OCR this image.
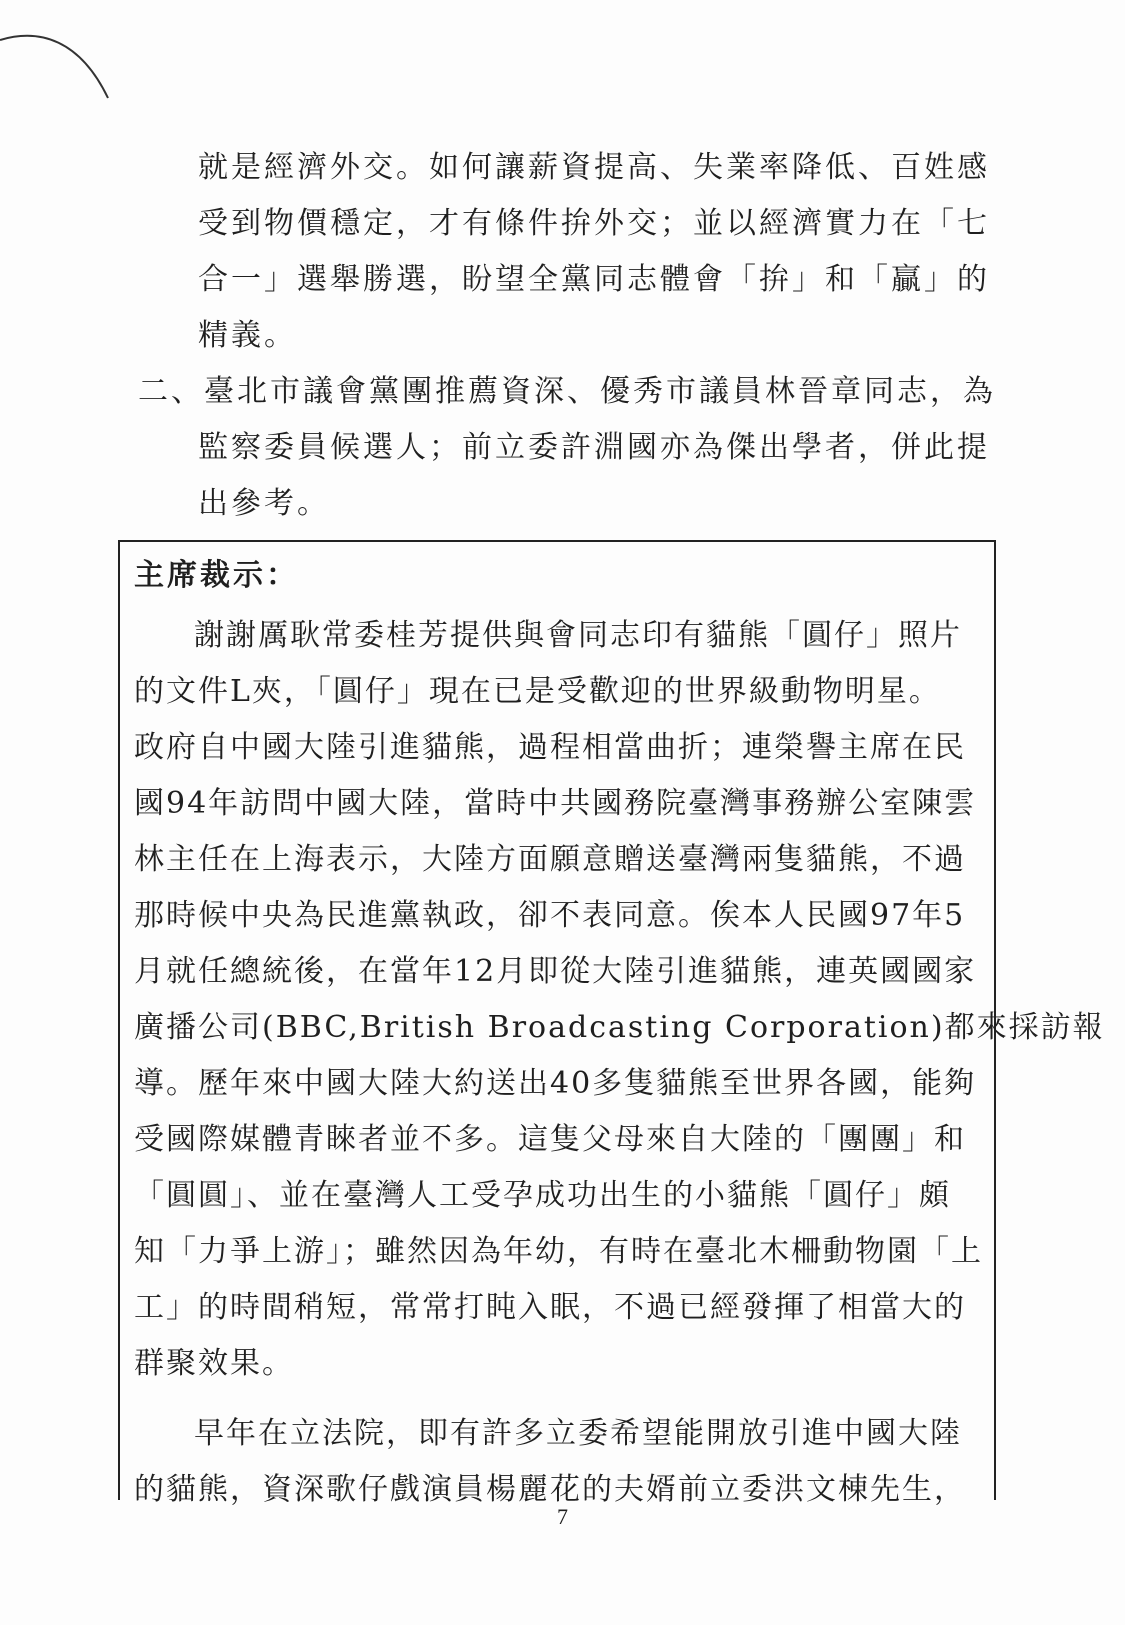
就是經濟外交。如何讓薪資提高、失業率降低、百姓感
受到物價穩定，才有條件拚外交；並以經濟實力在「七
合一」選舉勝選，盼望全黨同志體會「拚」和「贏」的
精義。
二、臺北市議會黨團推薦資深、優秀市議員林晉章同志，為
監察委員候選人；前立委許淵國亦為傑出學者，併此提
出參考。
主席裁示：
謝謝厲耿常委桂芳提供與會同志印有貓熊「圓仔」照片
的文件L夾，「圓仔」現在已是受歡迎的世界級動物明星。
政府自中國大陸引進貓熊，過程相當曲折；連榮譽主席在民
國94年訪問中國大陸，當時中共國務院臺灣事務辦公室陳雲
林主任在上海表示，大陸方面願意贈送臺灣兩隻貓熊，不過
那時候中央為民進黨執政，卻不表同意。俟本人民國97年5
月就任總統後，在當年12月即從大陸引進貓熊，連英國國家
廣播公司(BBC,British Broadcasting Corporation)都來採訪報
導。歷年來中國大陸大約送出40多隻貓熊至世界各國，能夠
受國際媒體青睞者並不多。這隻父母來自大陸的「團團」和
「圓圓」、並在臺灣人工受孕成功出生的小貓熊「圓仔」頗
知「力爭上游」；雖然因為年幼，有時在臺北木柵動物園「上
工」的時間稍短，常常打盹入眠，不過已經發揮了相當大的
群聚效果。
早年在立法院，即有許多立委希望能開放引進中國大陸
的貓熊，資深歌仔戲演員楊麗花的夫婿前立委洪文棟先生，
7
